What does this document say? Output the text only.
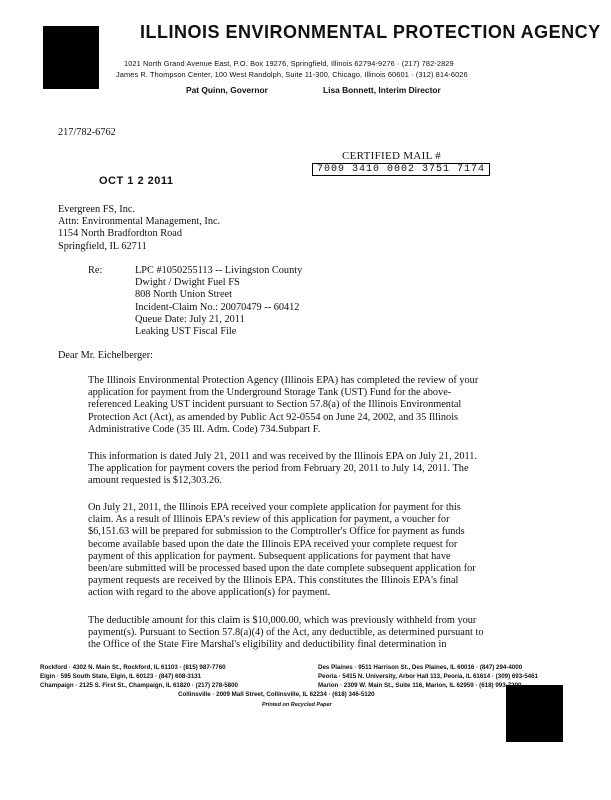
ILLINOIS ENVIRONMENTAL PROTECTION AGENCY
1021 North Grand Avenue East, P.O. Box 19276, Springfield, Illinois 62794-9276 · (217) 782-2829
James R. Thompson Center, 100 West Randolph, Suite 11-300, Chicago, Illinois 60601 · (312) 814-6026
Pat Quinn, Governor	Lisa Bonnett, Interim Director
217/782-6762
CERTIFIED MAIL #
7009 3410 0002 3751 7174
OCT 1 2 2011
Evergreen FS, Inc.
Attn: Environmental Management, Inc.
1154 North Bradfordton Road
Springfield, IL 62711
Re:	LPC #1050255113 -- Livingston County
Dwight / Dwight Fuel FS
808 North Union Street
Incident-Claim No.: 20070479 -- 60412
Queue Date: July 21, 2011
Leaking UST Fiscal File
Dear Mr. Eichelberger:
The Illinois Environmental Protection Agency (Illinois EPA) has completed the review of your
application for payment from the Underground Storage Tank (UST) Fund for the above-
referenced Leaking UST incident pursuant to Section 57.8(a) of the Illinois Environmental
Protection Act (Act), as amended by Public Act 92-0554 on June 24, 2002, and 35 Illinois
Administrative Code (35 Ill. Adm. Code) 734.Subpart F.
This information is dated July 21, 2011 and was received by the Illinois EPA on July 21, 2011.
The application for payment covers the period from February 20, 2011 to July 14, 2011. The
amount requested is $12,303.26.
On July 21, 2011, the Illinois EPA received your complete application for payment for this
claim. As a result of Illinois EPA's review of this application for payment, a voucher for
$6,151.63 will be prepared for submission to the Comptroller's Office for payment as funds
become available based upon the date the Illinois EPA received your complete request for
payment of this application for payment. Subsequent applications for payment that have
been/are submitted will be processed based upon the date complete subsequent application for
payment requests are received by the Illinois EPA. This constitutes the Illinois EPA's final
action with regard to the above application(s) for payment.
The deductible amount for this claim is $10,000.00, which was previously withheld from your
payment(s). Pursuant to Section 57.8(a)(4) of the Act, any deductible, as determined pursuant to
the Office of the State Fire Marshal's eligibility and deductibility final determination in
Rockford · 4302 N. Main St., Rockford, IL 61103 · (815) 987-7760
Elgin · 595 South State, Elgin, IL 60123 · (847) 608-3131
Champaign · 2125 S. First St., Champaign, IL 61820 · (217) 278-5800
Des Plaines · 9511 Harrison St., Des Plaines, IL 60016 · (847) 294-4000
Peoria · 5415 N. University, Arbor Hall 113, Peoria, IL 61614 · (309) 693-5461
Marion · 2309 W. Main St., Suite 116, Marion, IL 62959 · (618) 993-7200
Collinsville · 2009 Mall Street, Collinsville, IL 62234 · (618) 346-5120
Printed on Recycled Paper
